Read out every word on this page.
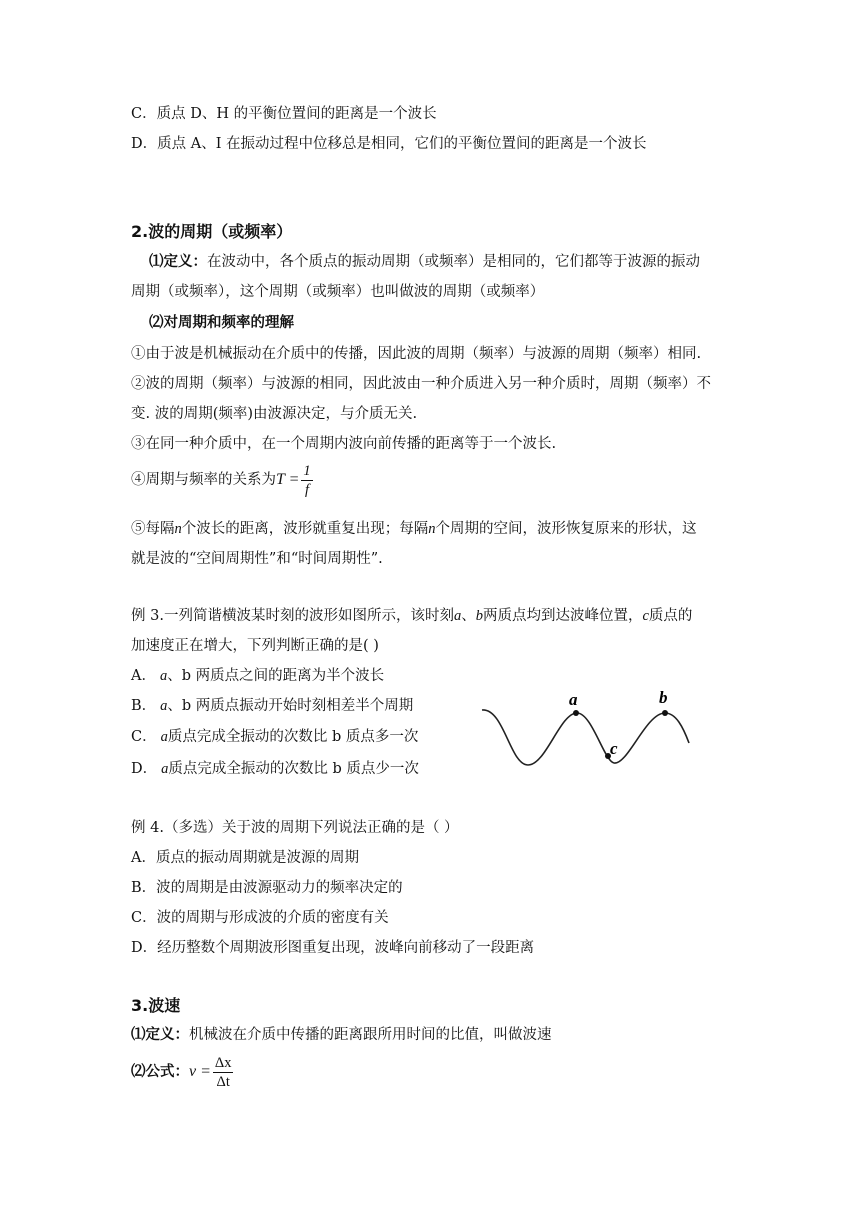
C．质点 D、H 的平衡位置间的距离是一个波长
D．质点 A、I 在振动过程中位移总是相同，它们的平衡位置间的距离是一个波长
2.波的周期（或频率）
⑴定义：在波动中，各个质点的振动周期（或频率）是相同的，它们都等于波源的振动
周期（或频率），这个周期（或频率）也叫做波的周期（或频率）
⑵对周期和频率的理解
①由于波是机械振动在介质中的传播，因此波的周期（频率）与波源的周期（频率）相同.
②波的周期（频率）与波源的相同，因此波由一种介质进入另一种介质时，周期（频率）不
变. 波的周期(频率)由波源决定，与介质无关.
③在同一种介质中，在一个周期内波向前传播的距离等于一个波长.
④周期与频率的关系为$T = \frac{1}{f}$
⑤每隔n个波长的距离，波形就重复出现；每隔n个周期的空间，波形恢复原来的形状，这
就是波的“空间周期性”和“时间周期性”.
例 3.一列简谐横波某时刻的波形如图所示，该时刻a、b两质点均到达波峰位置，c质点的
加速度正在增大，下列判断正确的是( )
A． a、b 两质点之间的距离为半个波长
B． a、b 两质点振动开始时刻相差半个周期
C． a质点完成全振动的次数比 b 质点多一次
D． a质点完成全振动的次数比 b 质点少一次
a	b
c
例 4.（多选）关于波的周期下列说法正确的是（ ）
A．质点的振动周期就是波源的周期
B．波的周期是由波源驱动力的频率决定的
C．波的周期与形成波的介质的密度有关
D．经历整数个周期波形图重复出现，波峰向前移动了一段距离
3.波速
⑴定义：机械波在介质中传播的距离跟所用时间的比值，叫做波速
⑵公式：$v = \frac{\Delta x}{\Delta t}$
